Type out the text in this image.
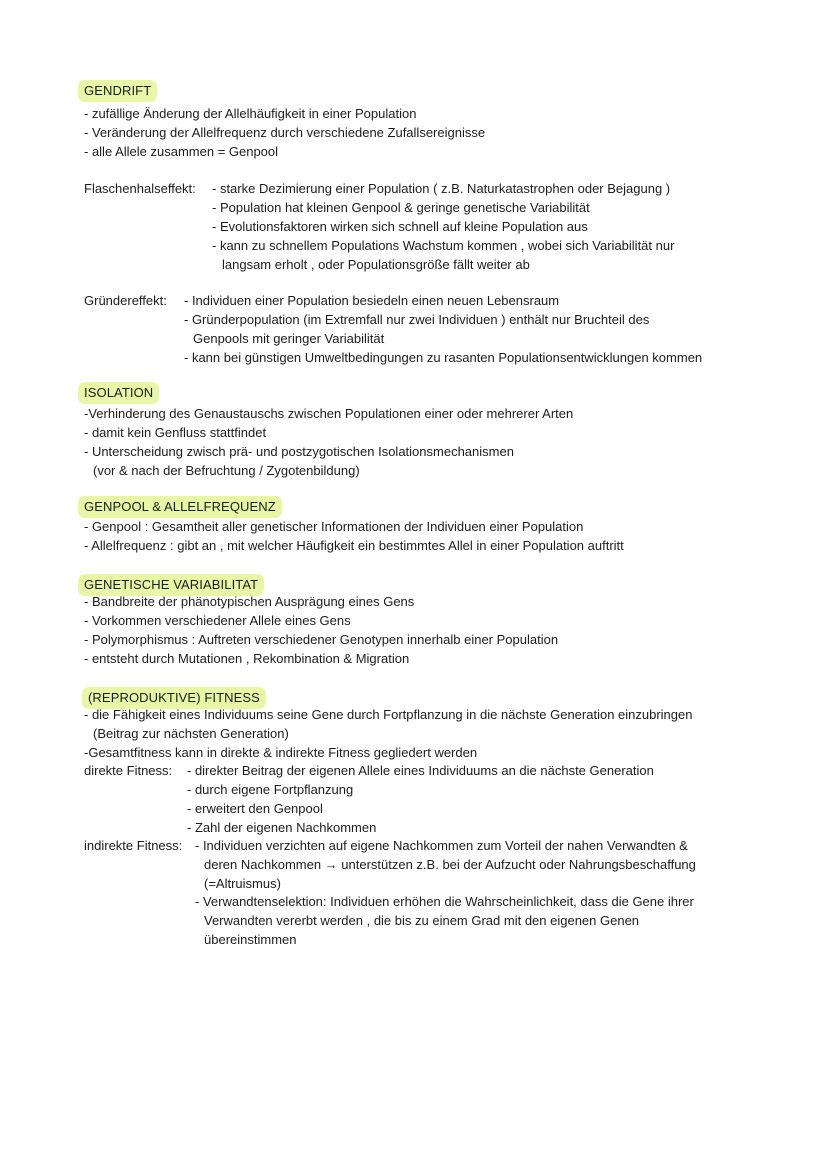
GENDRIFT
- zufällige Änderung der Allelhäufigkeit in einer Population
- Veränderung der Allelfrequenz durch verschiedene Zufallsereignisse
- alle Allele zusammen = Genpool
Flaschenhalseffekt: - starke Dezimierung einer Population ( z.B. Naturkatastrophen oder Bejagung )
- Population hat kleinen Genpool & geringe genetische Variabilität
- Evolutionsfaktoren wirken sich schnell auf kleine Population aus
- kann zu schnellem Populations Wachstum kommen , wobei sich Variabilität nur
langsam erholt , oder Populationsgröße fällt weiter ab
Gründereffekt: - Individuen einer Population besiedeln einen neuen Lebensraum
- Gründerpopulation (im Extremfall nur zwei Individuen ) enthält nur Bruchteil des
Genpools mit geringer Variabilität
- kann bei günstigen Umweltbedingungen zu rasanten Populationsentwicklungen kommen
ISOLATION
-Verhinderung des Genaustauschs zwischen Populationen einer oder mehrerer Arten
- damit kein Genfluss stattfindet
- Unterscheidung zwisch prä- und postzygotischen Isolationsmechanismen
(vor & nach der Befruchtung / Zygotenbildung)
GENPOOL & ALLELFREQUENZ
- Genpool : Gesamtheit aller genetischer Informationen der Individuen einer Population
- Allelfrequenz : gibt an , mit welcher Häufigkeit ein bestimmtes Allel in einer Population auftritt
GENETISCHE VARIABILITAT
- Bandbreite der phänotypischen Ausprägung eines Gens
- Vorkommen verschiedener Allele eines Gens
- Polymorphismus : Auftreten verschiedener Genotypen innerhalb einer Population
- entsteht durch Mutationen , Rekombination & Migration
(REPRODUKTIVE) FITNESS
- die Fähigkeit eines Individuums seine Gene durch Fortpflanzung in die nächste Generation einzubringen
(Beitrag zur nächsten Generation)
-Gesamtfitness kann in direkte & indirekte Fitness gegliedert werden
direkte Fitness: - direkter Beitrag der eigenen Allele eines Individuums an die nächste Generation
- durch eigene Fortpflanzung
- erweitert den Genpool
- Zahl der eigenen Nachkommen
indirekte Fitness: - Individuen verzichten auf eigene Nachkommen zum Vorteil der nahen Verwandten &
deren Nachkommen → unterstützen z.B. bei der Aufzucht oder Nahrungsbeschaffung
(=Altruismus)
- Verwandtenselektion: Individuen erhöhen die Wahrscheinlichkeit, dass die Gene ihrer
Verwandten vererbt werden , die bis zu einem Grad mit den eigenen Genen
übereinstimmen
